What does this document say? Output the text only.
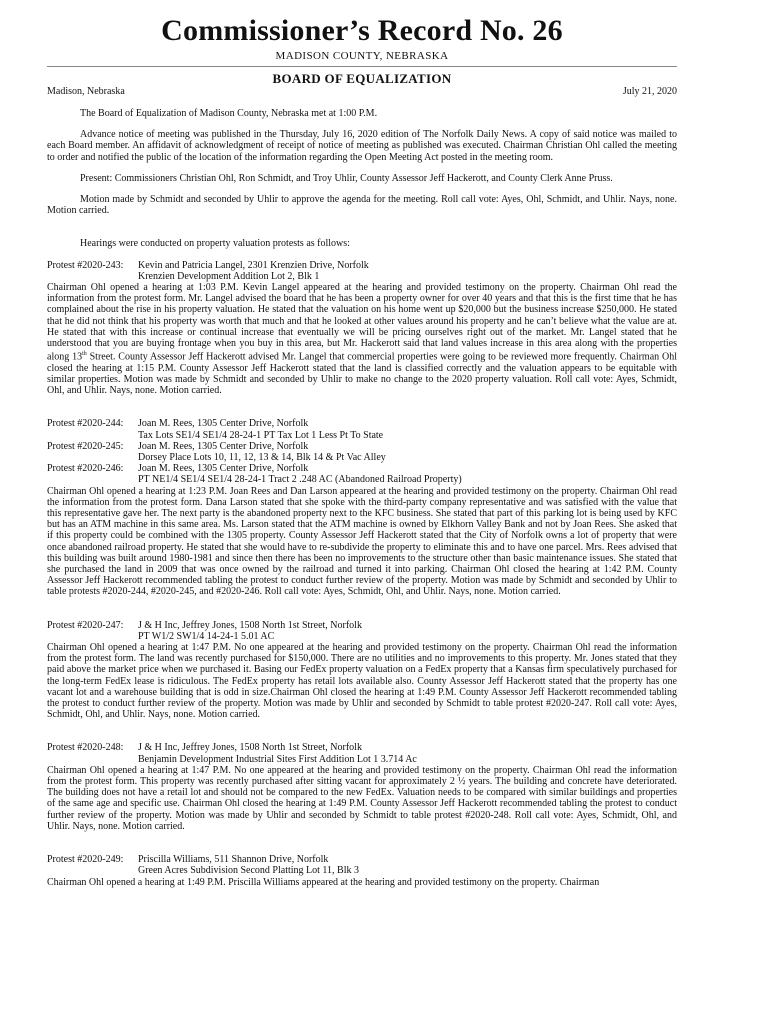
Commissioner’s Record No. 26
MADISON COUNTY, NEBRASKA
BOARD OF EQUALIZATION
Madison, Nebraska	July 21, 2020

The Board of Equalization of Madison County, Nebraska met at 1:00 P.M.

Advance notice of meeting was published in the Thursday, July 16, 2020 edition of The Norfolk Daily News. A copy of said notice was mailed to each Board member. An affidavit of acknowledgment of receipt of notice of meeting as published was executed. Chairman Christian Ohl called the meeting to order and notified the public of the location of the information regarding the Open Meeting Act posted in the meeting room.

Present: Commissioners Christian Ohl, Ron Schmidt, and Troy Uhlir, County Assessor Jeff Hackerott, and County Clerk Anne Pruss.

Motion made by Schmidt and seconded by Uhlir to approve the agenda for the meeting. Roll call vote: Ayes, Ohl, Schmidt, and Uhlir. Nays, none. Motion carried.

Hearings were conducted on property valuation protests as follows:

Protest #2020-243:	Kevin and Patricia Langel, 2301 Krenzien Drive, Norfolk
Krenzien Development Addition Lot 2, Blk 1
Chairman Ohl opened a hearing at 1:03 P.M. Kevin Langel appeared at the hearing and provided testimony on the property. Chairman Ohl read the information from the protest form. Mr. Langel advised the board that he has been a property owner for over 40 years and that this is the first time that he has complained about the rise in his property valuation. He stated that the valuation on his home went up $20,000 but the business increase $250,000. He stated that he did not think that his property was worth that much and that he looked at other values around his property and he can’t believe what the value are at. He stated that with this increase or continual increase that eventually we will be pricing ourselves right out of the market. Mr. Langel stated that he understood that you are buying frontage when you buy in this area, but Mr. Hackerott said that land values increase in this area along with the properties along 13th Street. County Assessor Jeff Hackerott advised Mr. Langel that commercial properties were going to be reviewed more frequently. Chairman Ohl closed the hearing at 1:15 P.M. County Assessor Jeff Hackerott stated that the land is classified correctly and the valuation appears to be equitable with similar properties. Motion was made by Schmidt and seconded by Uhlir to make no change to the 2020 property valuation. Roll call vote: Ayes, Schmidt, Ohl, and Uhlir. Nays, none. Motion carried.
Protest #2020-244:	Joan M. Rees, 1305 Center Drive, Norfolk
Tax Lots SE1/4 SE1/4 28-24-1 PT Tax Lot 1 Less Pt To State
Protest #2020-245:	Joan M. Rees, 1305 Center Drive, Norfolk
Dorsey Place Lots 10, 11, 12, 13 & 14, Blk 14 & Pt Vac Alley
Protest #2020-246:	Joan M. Rees, 1305 Center Drive, Norfolk
PT NE1/4 SE1/4 SE1/4 28-24-1 Tract 2 .248 AC (Abandoned Railroad Property)
Chairman Ohl opened a hearing at 1:23 P.M. Joan Rees and Dan Larson appeared at the hearing and provided testimony on the property. Chairman Ohl read the information from the protest form. Dana Larson stated that she spoke with the third-party company representative and was satisfied with the value that this representative gave her. The next party is the abandoned property next to the KFC business. She stated that part of this parking lot is being used by KFC but has an ATM machine in this same area. Ms. Larson stated that the ATM machine is owned by Elkhorn Valley Bank and not by Joan Rees. She asked that if this property could be combined with the 1305 property. County Assessor Jeff Hackerott stated that the City of Norfolk owns a lot of property that were once abandoned railroad property. He stated that she would have to re-subdivide the property to eliminate this and to have one parcel. Mrs. Rees advised that this building was built around 1980-1981 and since then there has been no improvements to the structure other than basic maintenance issues. She stated that she purchased the land in 2009 that was once owned by the railroad and turned it into parking. Chairman Ohl closed the hearing at 1:42 P.M. County Assessor Jeff Hackerott recommended tabling the protest to conduct further review of the property. Motion was made by Schmidt and seconded by Uhlir to table protests #2020-244, #2020-245, and #2020-246. Roll call vote: Ayes, Schmidt, Ohl, and Uhlir. Nays, none. Motion carried.
Protest #2020-247:	J & H Inc, Jeffrey Jones, 1508 North 1st Street, Norfolk
PT W1/2 SW1/4 14-24-1 5.01 AC
Chairman Ohl opened a hearing at 1:47 P.M. No one appeared at the hearing and provided testimony on the property. Chairman Ohl read the information from the protest form. The land was recently purchased for $150,000. There are no utilities and no improvements to this property. Mr. Jones stated that they paid above the market price when we purchased it. Basing our FedEx property valuation on a FedEx property that a Kansas firm speculatively purchased for the long-term FedEx lease is ridiculous. The FedEx property has retail lots available also. County Assessor Jeff Hackerott stated that the property has one vacant lot and a warehouse building that is odd in size.Chairman Ohl closed the hearing at 1:49 P.M. County Assessor Jeff Hackerott recommended tabling the protest to conduct further review of the property. Motion was made by Uhlir and seconded by Schmidt to table protest #2020-247. Roll call vote: Ayes, Schmidt, Ohl, and Uhlir. Nays, none. Motion carried.
Protest #2020-248:	J & H Inc, Jeffrey Jones, 1508 North 1st Street, Norfolk
Benjamin Development Industrial Sites First Addition Lot 1 3.714 Ac
Chairman Ohl opened a hearing at 1:47 P.M. No one appeared at the hearing and provided testimony on the property. Chairman Ohl read the information from the protest form. This property was recently purchased after sitting vacant for approximately 2 ½ years. The building and concrete have deteriorated. The building does not have a retail lot and should not be compared to the new FedEx. Valuation needs to be compared with similar buildings and properties of the same age and specific use. Chairman Ohl closed the hearing at 1:49 P.M. County Assessor Jeff Hackerott recommended tabling the protest to conduct further review of the property. Motion was made by Uhlir and seconded by Schmidt to table protest #2020-248. Roll call vote: Ayes, Schmidt, Ohl, and Uhlir. Nays, none. Motion carried.
Protest #2020-249:	Priscilla Williams, 511 Shannon Drive, Norfolk
Green Acres Subdivision Second Platting Lot 11, Blk 3
Chairman Ohl opened a hearing at 1:49 P.M. Priscilla Williams appeared at the hearing and provided testimony on the property. Chairman
